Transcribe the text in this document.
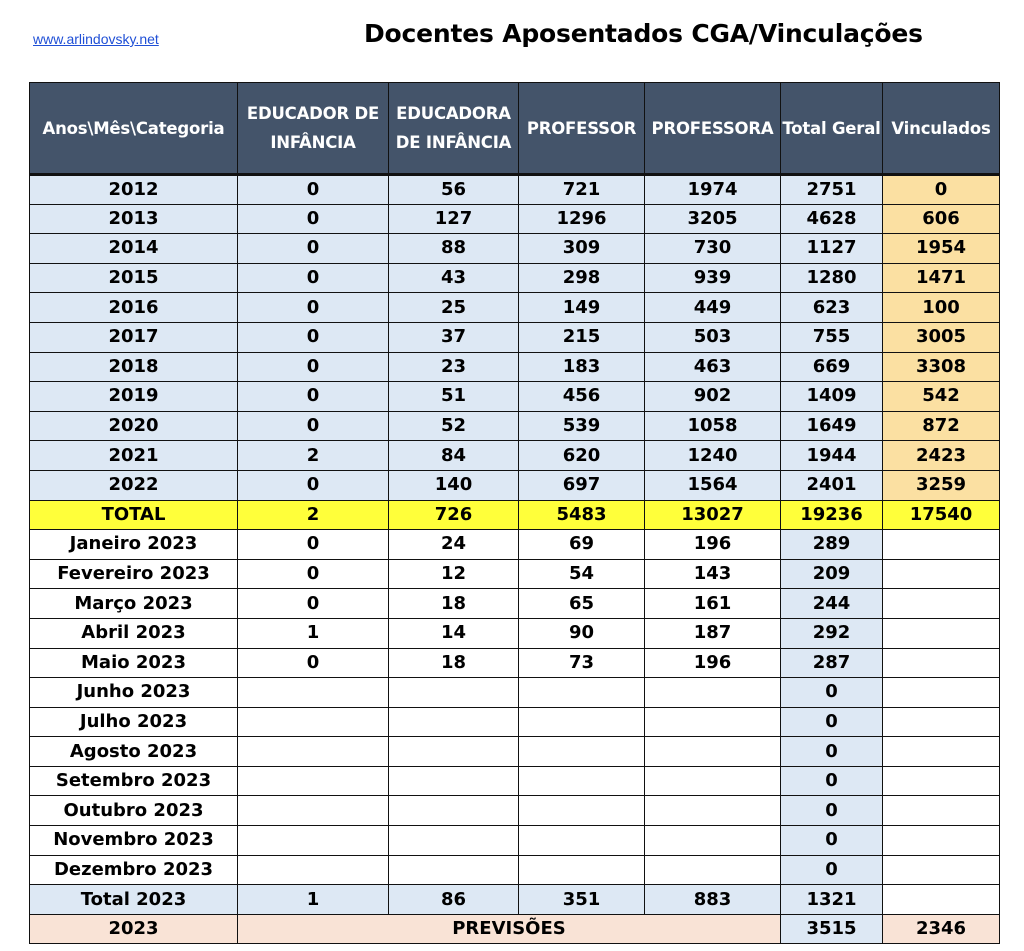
www.arlindovsky.net	Docentes Aposentados CGA/Vinculações
Anos\Mês\Categoria	EDUCADOR DE INFÂNCIA	EDUCADORA DE INFÂNCIA	PROFESSOR	PROFESSORA	Total Geral	Vinculados
2012	0	56	721	1974	2751	0
2013	0	127	1296	3205	4628	606
2014	0	88	309	730	1127	1954
2015	0	43	298	939	1280	1471
2016	0	25	149	449	623	100
2017	0	37	215	503	755	3005
2018	0	23	183	463	669	3308
2019	0	51	456	902	1409	542
2020	0	52	539	1058	1649	872
2021	2	84	620	1240	1944	2423
2022	0	140	697	1564	2401	3259
TOTAL	2	726	5483	13027	19236	17540
Janeiro 2023	0	24	69	196	289	
Fevereiro 2023	0	12	54	143	209	
Março 2023	0	18	65	161	244	
Abril 2023	1	14	90	187	292	
Maio 2023	0	18	73	196	287	
Junho 2023					0	
Julho 2023					0	
Agosto 2023					0	
Setembro 2023					0	
Outubro 2023					0	
Novembro 2023					0	
Dezembro 2023					0	
Total 2023	1	86	351	883	1321	
2023	PREVISÕES				3515	2346
